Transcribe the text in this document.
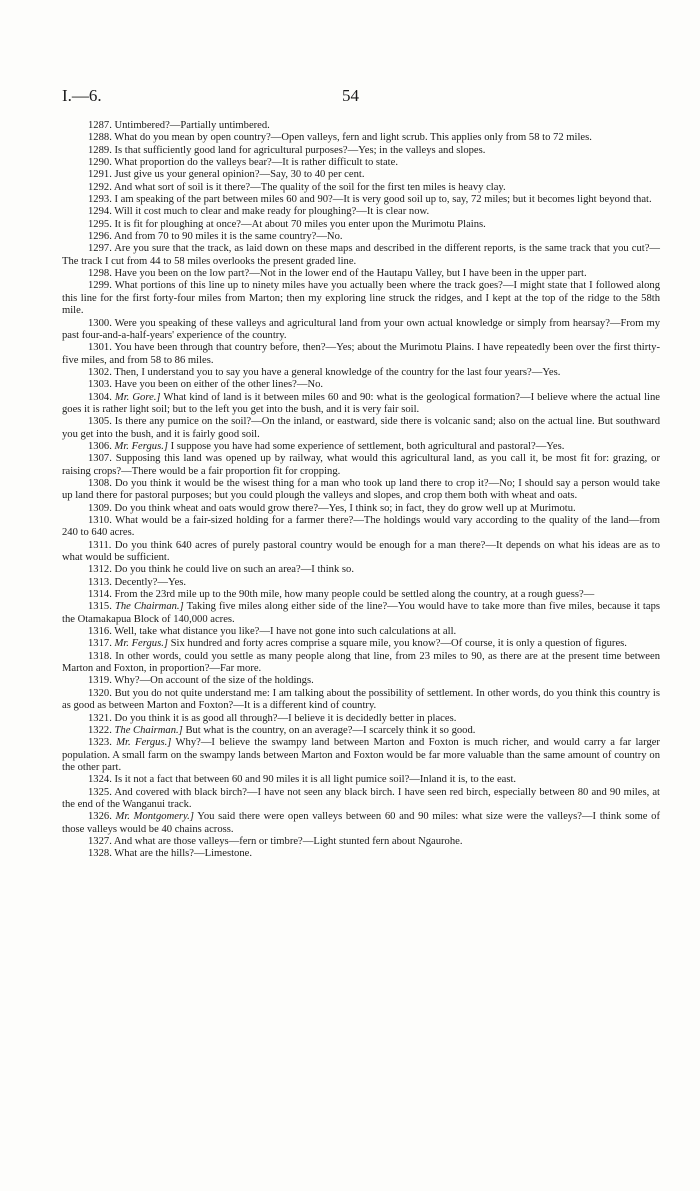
I.—6.	54

1287. Untimbered?—Partially untimbered.

1288. What do you mean by open country?—Open valleys, fern and light scrub. This applies only from 58 to 72 miles.

1289. Is that sufficiently good land for agricultural purposes?—Yes; in the valleys and slopes.

1290. What proportion do the valleys bear?—It is rather difficult to state.

1291. Just give us your general opinion?—Say, 30 to 40 per cent.

1292. And what sort of soil is it there?—The quality of the soil for the first ten miles is heavy clay.

1293. I am speaking of the part between miles 60 and 90?—It is very good soil up to, say, 72 miles; but it becomes light beyond that.

1294. Will it cost much to clear and make ready for ploughing?—It is clear now.

1295. It is fit for ploughing at once?—At about 70 miles you enter upon the Murimotu Plains.

1296. And from 70 to 90 miles it is the same country?—No.

1297. Are you sure that the track, as laid down on these maps and described in the different reports, is the same track that you cut?—The track I cut from 44 to 58 miles overlooks the present graded line.

1298. Have you been on the low part?—Not in the lower end of the Hautapu Valley, but I have been in the upper part.

1299. What portions of this line up to ninety miles have you actually been where the track goes?—I might state that I followed along this line for the first forty-four miles from Marton; then my exploring line struck the ridges, and I kept at the top of the ridge to the 58th mile.

1300. Were you speaking of these valleys and agricultural land from your own actual knowledge or simply from hearsay?—From my past four-and-a-half-years' experience of the country.

1301. You have been through that country before, then?—Yes; about the Murimotu Plains. I have repeatedly been over the first thirty-five miles, and from 58 to 86 miles.

1302. Then, I understand you to say you have a general knowledge of the country for the last four years?—Yes.

1303. Have you been on either of the other lines?—No.

1304. Mr. Gore.] What kind of land is it between miles 60 and 90: what is the geological formation?—I believe where the actual line goes it is rather light soil; but to the left you get into the bush, and it is very fair soil.

1305. Is there any pumice on the soil?—On the inland, or eastward, side there is volcanic sand; also on the actual line. But southward you get into the bush, and it is fairly good soil.

1306. Mr. Fergus.] I suppose you have had some experience of settlement, both agricultural and pastoral?—Yes.

1307. Supposing this land was opened up by railway, what would this agricultural land, as you call it, be most fit for: grazing, or raising crops?—There would be a fair proportion fit for cropping.

1308. Do you think it would be the wisest thing for a man who took up land there to crop it?—No; I should say a person would take up land there for pastoral purposes; but you could plough the valleys and slopes, and crop them both with wheat and oats.

1309. Do you think wheat and oats would grow there?—Yes, I think so; in fact, they do grow well up at Murimotu.

1310. What would be a fair-sized holding for a farmer there?—The holdings would vary according to the quality of the land—from 240 to 640 acres.

1311. Do you think 640 acres of purely pastoral country would be enough for a man there?—It depends on what his ideas are as to what would be sufficient.

1312. Do you think he could live on such an area?—I think so.

1313. Decently?—Yes.

1314. From the 23rd mile up to the 90th mile, how many people could be settled along the country, at a rough guess?—

1315. The Chairman.] Taking five miles along either side of the line?—You would have to take more than five miles, because it taps the Otamakapua Block of 140,000 acres.

1316. Well, take what distance you like?—I have not gone into such calculations at all.

1317. Mr. Fergus.] Six hundred and forty acres comprise a square mile, you know?—Of course, it is only a question of figures.

1318. In other words, could you settle as many people along that line, from 23 miles to 90, as there are at the present time between Marton and Foxton, in proportion?—Far more.

1319. Why?—On account of the size of the holdings.

1320. But you do not quite understand me: I am talking about the possibility of settlement. In other words, do you think this country is as good as between Marton and Foxton?—It is a different kind of country.

1321. Do you think it is as good all through?—I believe it is decidedly better in places.

1322. The Chairman.] But what is the country, on an average?—I scarcely think it so good.

1323. Mr. Fergus.] Why?—I believe the swampy land between Marton and Foxton is much richer, and would carry a far larger population. A small farm on the swampy lands between Marton and Foxton would be far more valuable than the same amount of country on the other part.

1324. Is it not a fact that between 60 and 90 miles it is all light pumice soil?—Inland it is, to the east.

1325. And covered with black birch?—I have not seen any black birch. I have seen red birch, especially between 80 and 90 miles, at the end of the Wanganui track.

1326. Mr. Montgomery.] You said there were open valleys between 60 and 90 miles: what size were the valleys?—I think some of those valleys would be 40 chains across.

1327. And what are those valleys—fern or timbre?—Light stunted fern about Ngaurohe.

1328. What are the hills?—Limestone.
